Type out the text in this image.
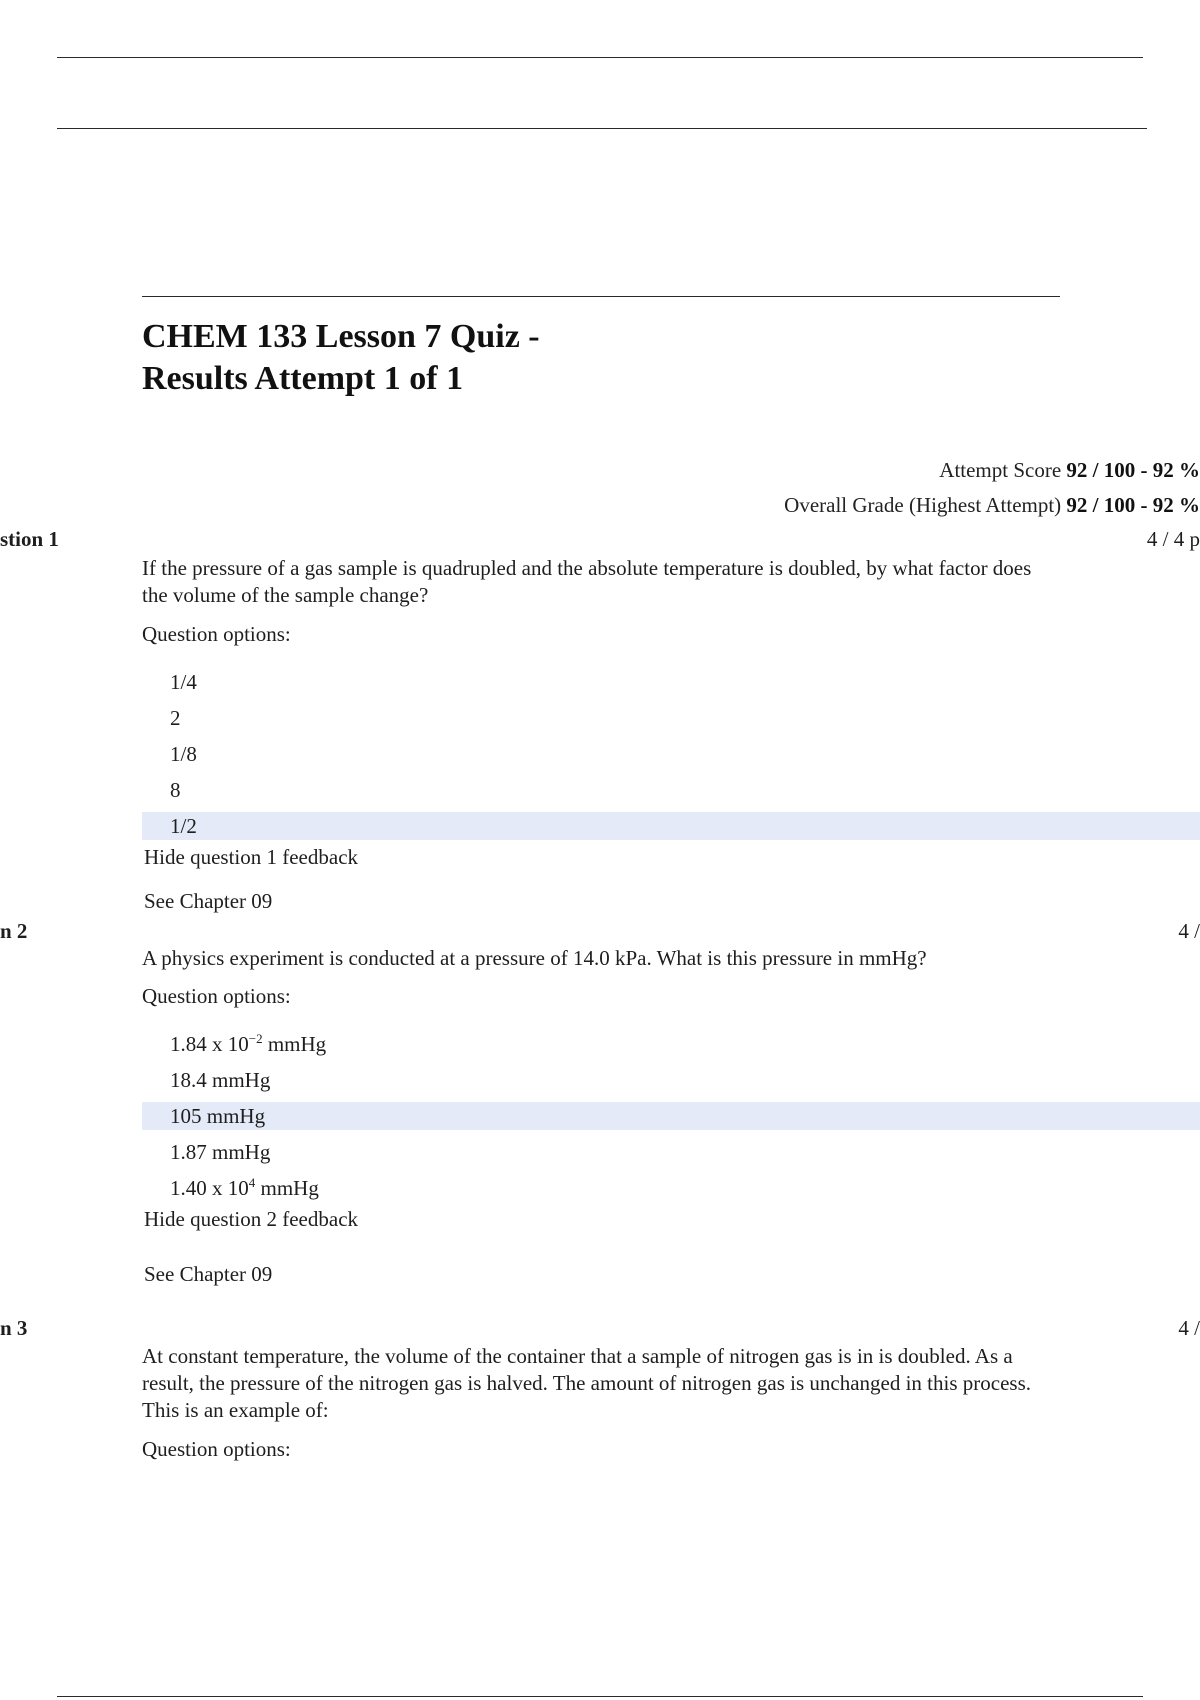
CHEM 133 Lesson 7 Quiz -
Results Attempt 1 of 1
Attempt Score 92 / 100 - 92 %
Overall Grade (Highest Attempt) 92 / 100 - 92 %
stion 1	4 / 4 p
If the pressure of a gas sample is quadrupled and the absolute temperature is doubled, by what factor does the volume of the sample change?
Question options:
1/4
2
1/8
8
1/2
Hide question 1 feedback
See Chapter 09
n 2	4 /
A physics experiment is conducted at a pressure of 14.0 kPa. What is this pressure in mmHg?
Question options:
1.84 x $10^{-2}$ mmHg
18.4 mmHg
105 mmHg
1.87 mmHg
1.40 x $10^4$ mmHg
Hide question 2 feedback
See Chapter 09
n 3	4 /
At constant temperature, the volume of the container that a sample of nitrogen gas is in is doubled. As a result, the pressure of the nitrogen gas is halved. The amount of nitrogen gas is unchanged in this process. This is an example of:
Question options:
